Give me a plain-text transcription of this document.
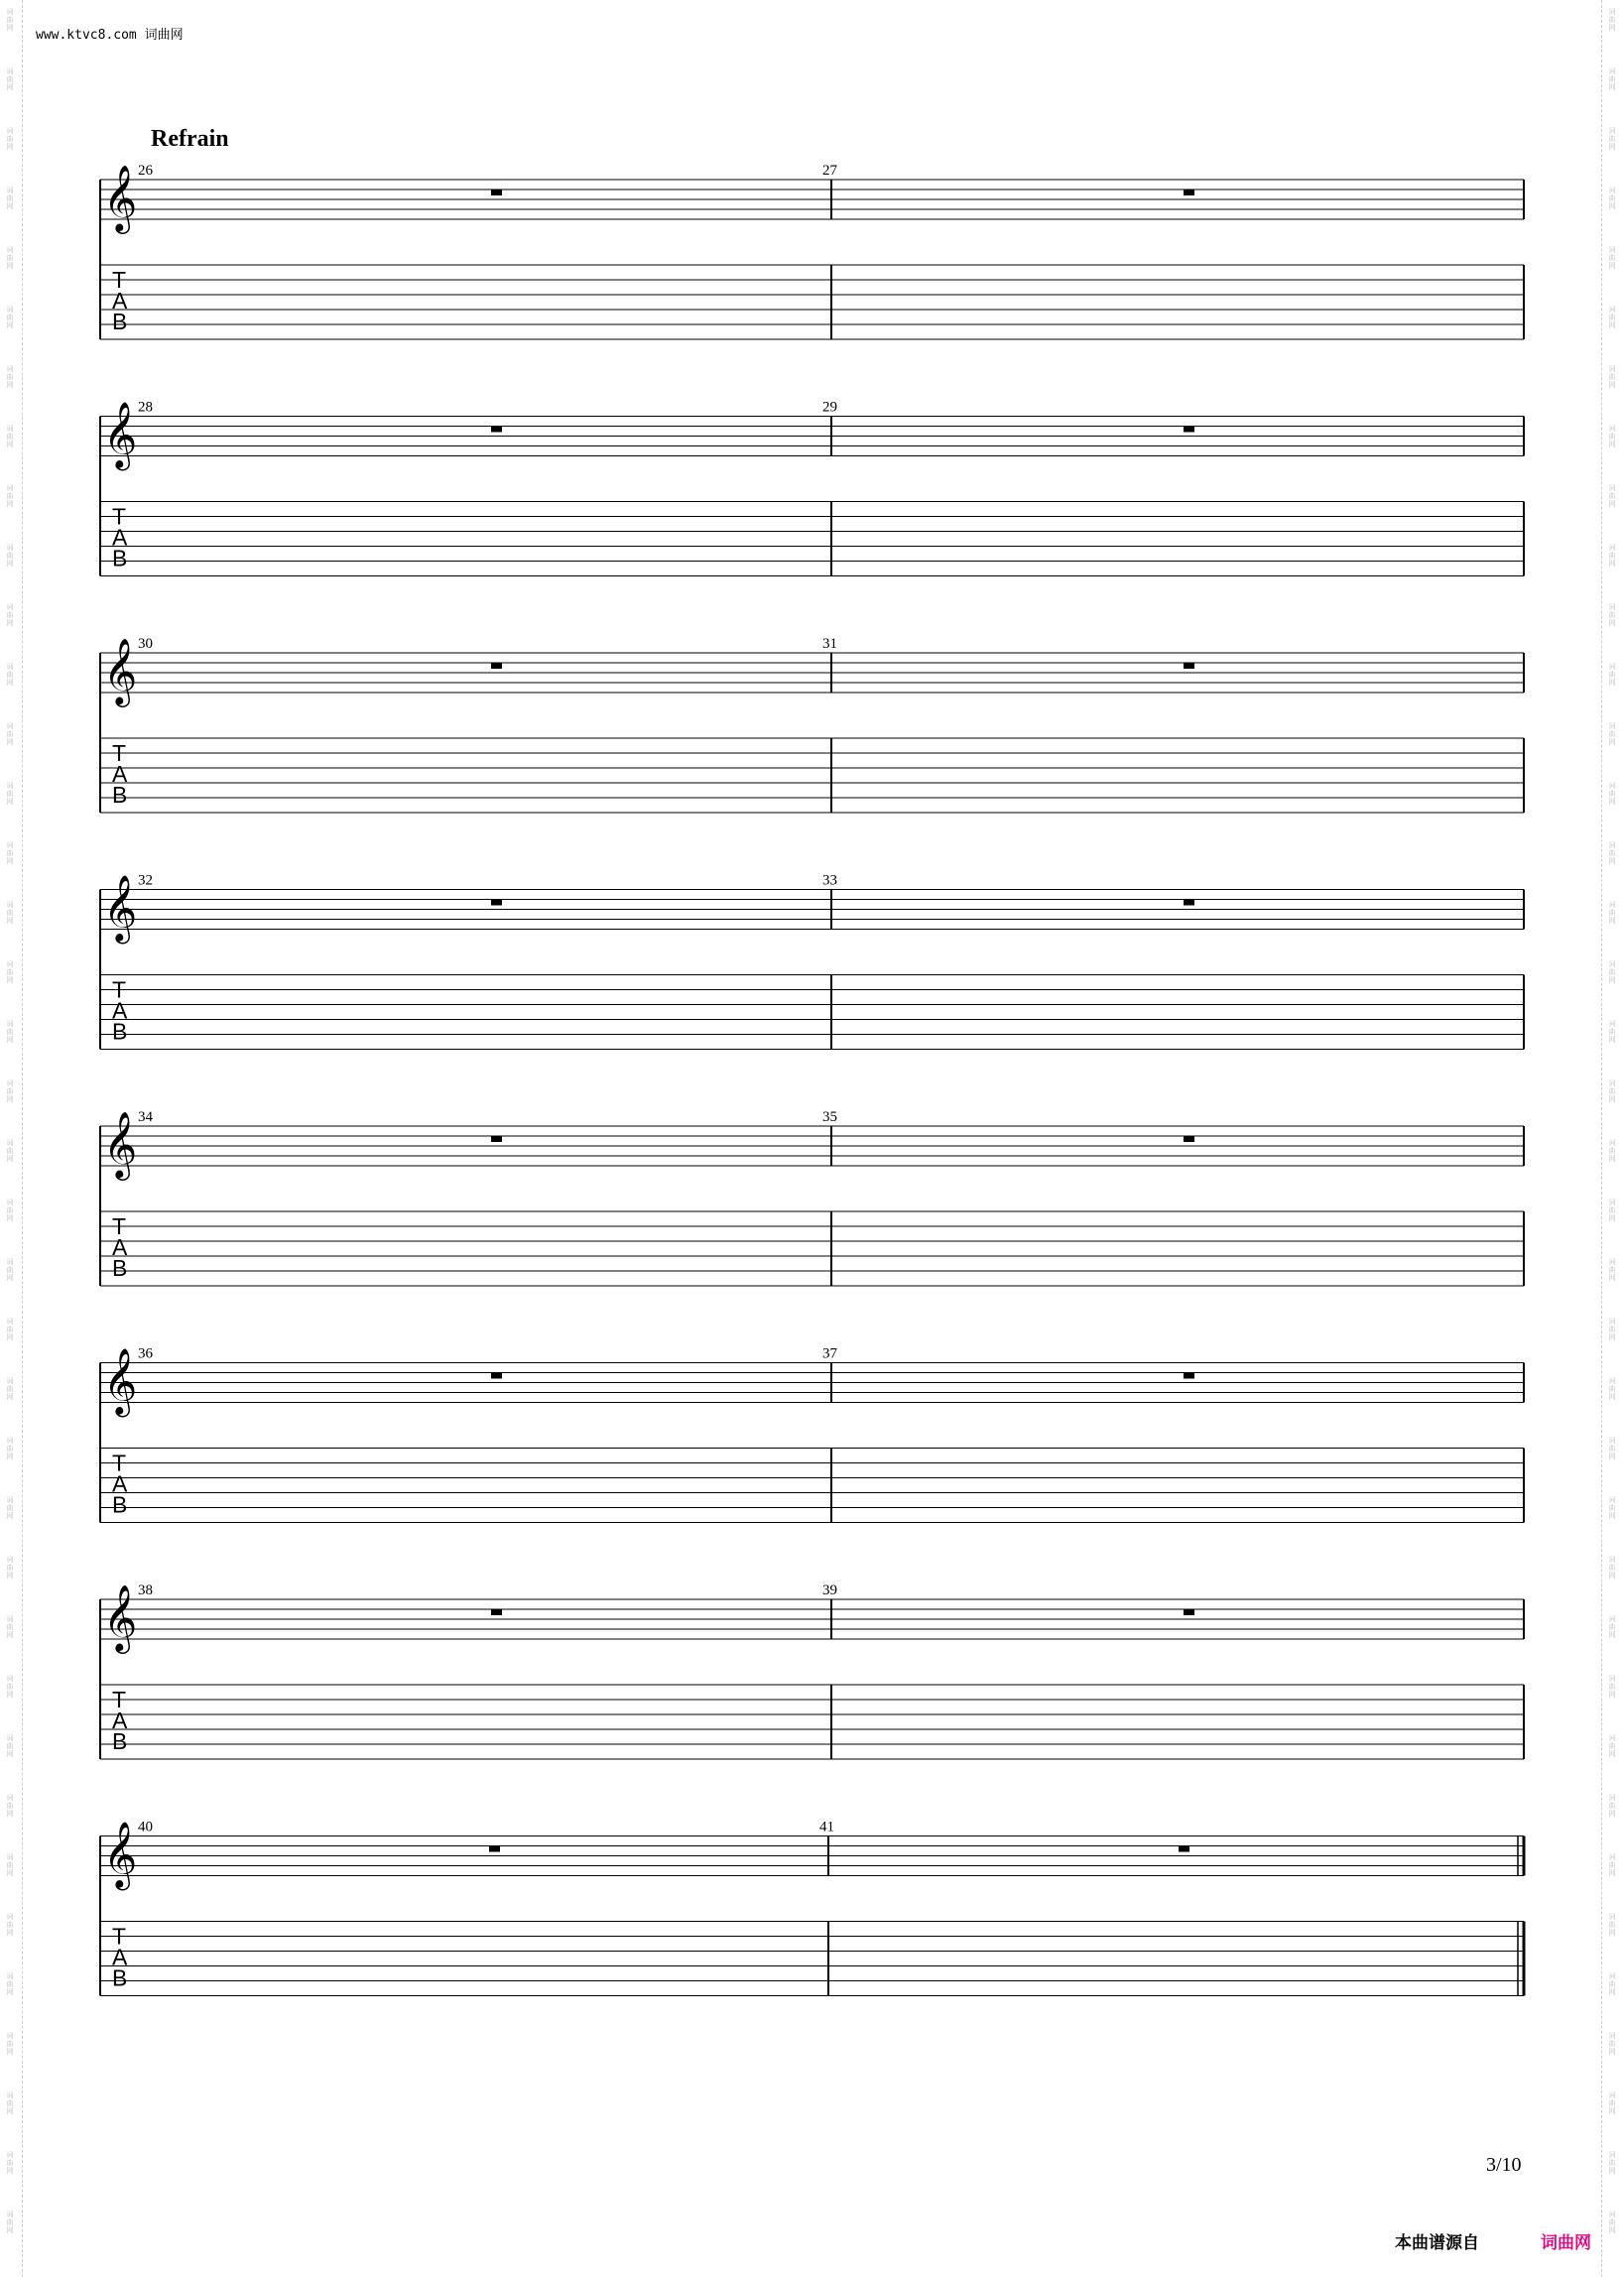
词
曲
网
词
曲
网
词
曲
网
词
曲
网
词
曲
网
词
曲
网
词
曲
网
词
曲
网
词
曲
网
词
曲
网
词
曲
网
词
曲
网
词
曲
网
词
曲
网
词
曲
网
词
曲
网
词
曲
网
词
曲
网
词
曲
网
词
曲
网
词
曲
网
词
曲
网
词
曲
网
词
曲
网
词
曲
网
词
曲
网
词
曲
网
词
曲
网
词
曲
网
词
曲
网
词
曲
网
词
曲
网
词
曲
网
词
曲
网
词
曲
网
词
曲
网
词
曲
网
词
曲
网
词
曲
网
词
曲
网
词
曲
网
词
曲
网
词
曲
网
词
曲
网
词
曲
网
词
曲
网
词
曲
网
词
曲
网
词
曲
网
词
曲
网
词
曲
网
词
曲
网
词
曲
网
词
曲
网
词
曲
网
词
曲
网
词
曲
网
词
曲
网
词
曲
网
词
曲
网
词
曲
网
词
曲
网
词
曲
网
词
曲
网
词
曲
网
词
曲
网
词
曲
网
词
曲
网
词
曲
网
词
曲
网
词
曲
网
词
曲
网
词
曲
网
词
曲
网
词
曲
网
词
曲
网
www.ktvc8.com 词曲网
Refrain
𝄞
T
A
B
26	27
𝄞
T
A
B
28	29
𝄞
T
A
B
30	31
𝄞
T
A
B
32	33
𝄞
T
A
B
34	35
𝄞
T
A
B
36	37
𝄞
T
A
B
38	39
𝄞
T
A
B
40	41
3/10
本曲谱源自	词曲网
